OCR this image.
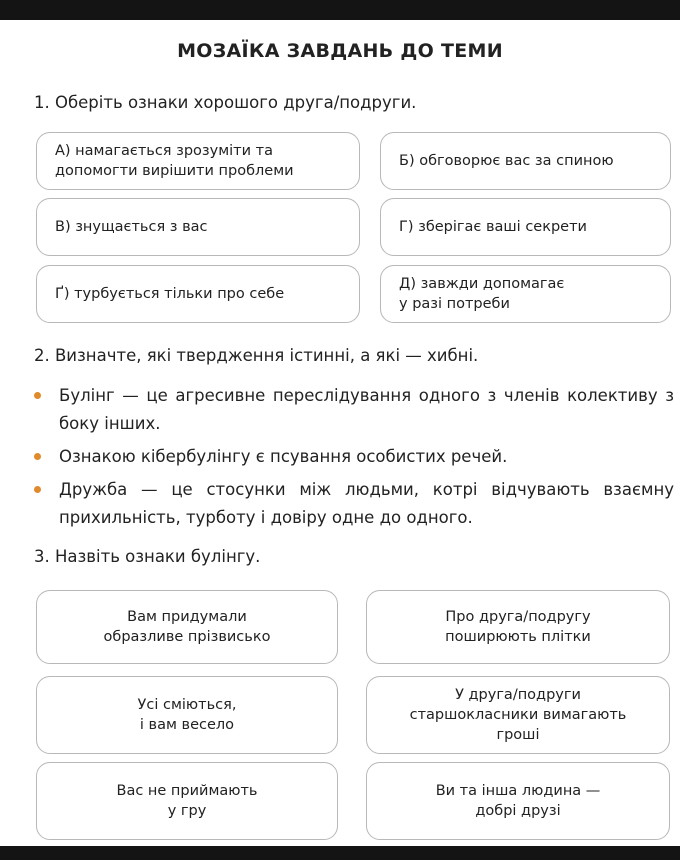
МОЗАЇКА ЗАВДАНЬ ДО ТЕМИ
1. Оберіть ознаки хорошого друга/подруги.
А) намагається зрозуміти та
допомогти вирішити проблеми
Б) обговорює вас за спиною
В) знущається з вас	Г) зберігає ваші секрети
Ґ) турбується тільки про себе
Д) завжди допомагає
у разі потреби
2. Визначте, які твердження істинні, а які — хибні.
Булінг — це агресивне переслідування одного з членів колективу з боку інших.
Ознакою кібербулінгу є псування особистих речей.
Дружба — це стосунки між людьми, котрі відчувають взаємну прихильність, турботу і довіру одне до одного.
3. Назвіть ознаки булінгу.
Вам придумали
образливе прізвисько
Про друга/подругу
поширюють плітки
Усі сміються,
і вам весело
У друга/подруги
старшокласники вимагають
гроші
Вас не приймають
у гру
Ви та інша людина —
добрі друзі
